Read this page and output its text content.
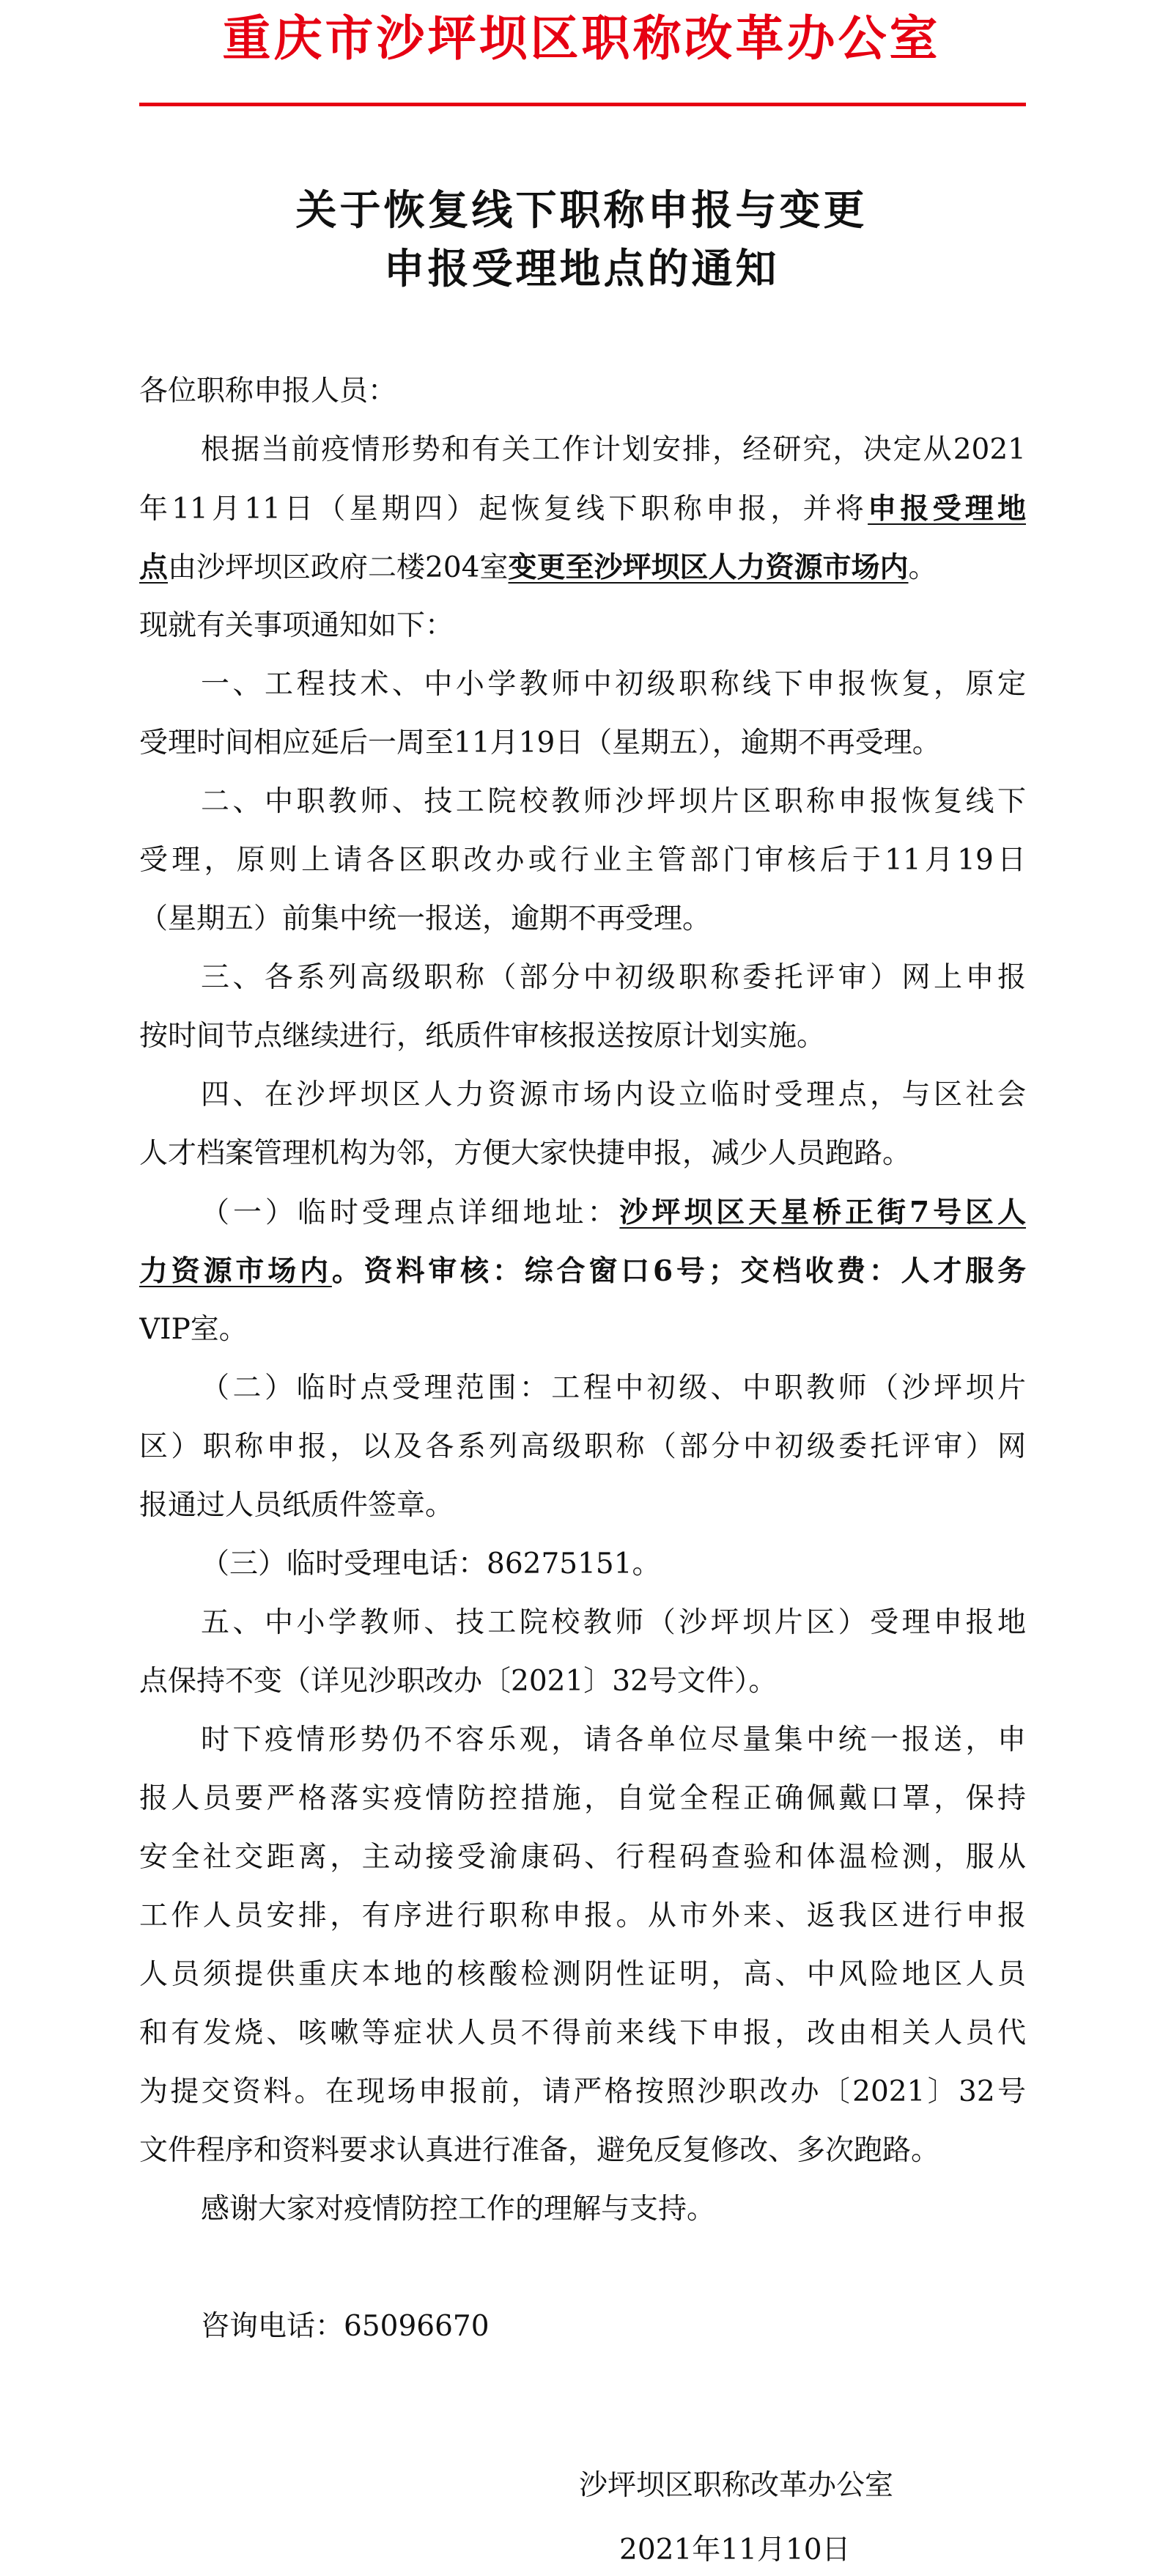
重庆市沙坪坝区职称改革办公室
关于恢复线下职称申报与变更
申报受理地点的通知
各位职称申报人员：
根据当前疫情形势和有关工作计划安排，经研究，决定从2021
年11月11日（星期四）起恢复线下职称申报，并将申报受理地
点由沙坪坝区政府二楼204室变更至沙坪坝区人力资源市场内。
现就有关事项通知如下：
一、工程技术、中小学教师中初级职称线下申报恢复，原定
受理时间相应延后一周至11月19日（星期五），逾期不再受理。
二、中职教师、技工院校教师沙坪坝片区职称申报恢复线下
受理，原则上请各区职改办或行业主管部门审核后于11月19日
（星期五）前集中统一报送，逾期不再受理。
三、各系列高级职称（部分中初级职称委托评审）网上申报
按时间节点继续进行，纸质件审核报送按原计划实施。
四、在沙坪坝区人力资源市场内设立临时受理点，与区社会
人才档案管理机构为邻，方便大家快捷申报，减少人员跑路。
（一）临时受理点详细地址：沙坪坝区天星桥正街7号区人
力资源市场内。资料审核：综合窗口6号；交档收费：人才服务
VIP室。
（二）临时点受理范围：工程中初级、中职教师（沙坪坝片
区）职称申报，以及各系列高级职称（部分中初级委托评审）网
报通过人员纸质件签章。
（三）临时受理电话：86275151。
五、中小学教师、技工院校教师（沙坪坝片区）受理申报地
点保持不变（详见沙职改办〔2021〕32号文件）。
时下疫情形势仍不容乐观，请各单位尽量集中统一报送，申
报人员要严格落实疫情防控措施，自觉全程正确佩戴口罩，保持
安全社交距离，主动接受渝康码、行程码查验和体温检测，服从
工作人员安排，有序进行职称申报。从市外来、返我区进行申报
人员须提供重庆本地的核酸检测阴性证明，高、中风险地区人员
和有发烧、咳嗽等症状人员不得前来线下申报，改由相关人员代
为提交资料。在现场申报前，请严格按照沙职改办〔2021〕32号
文件程序和资料要求认真进行准备，避免反复修改、多次跑路。
感谢大家对疫情防控工作的理解与支持。
咨询电话：65096670
沙坪坝区职称改革办公室
2021年11月10日
